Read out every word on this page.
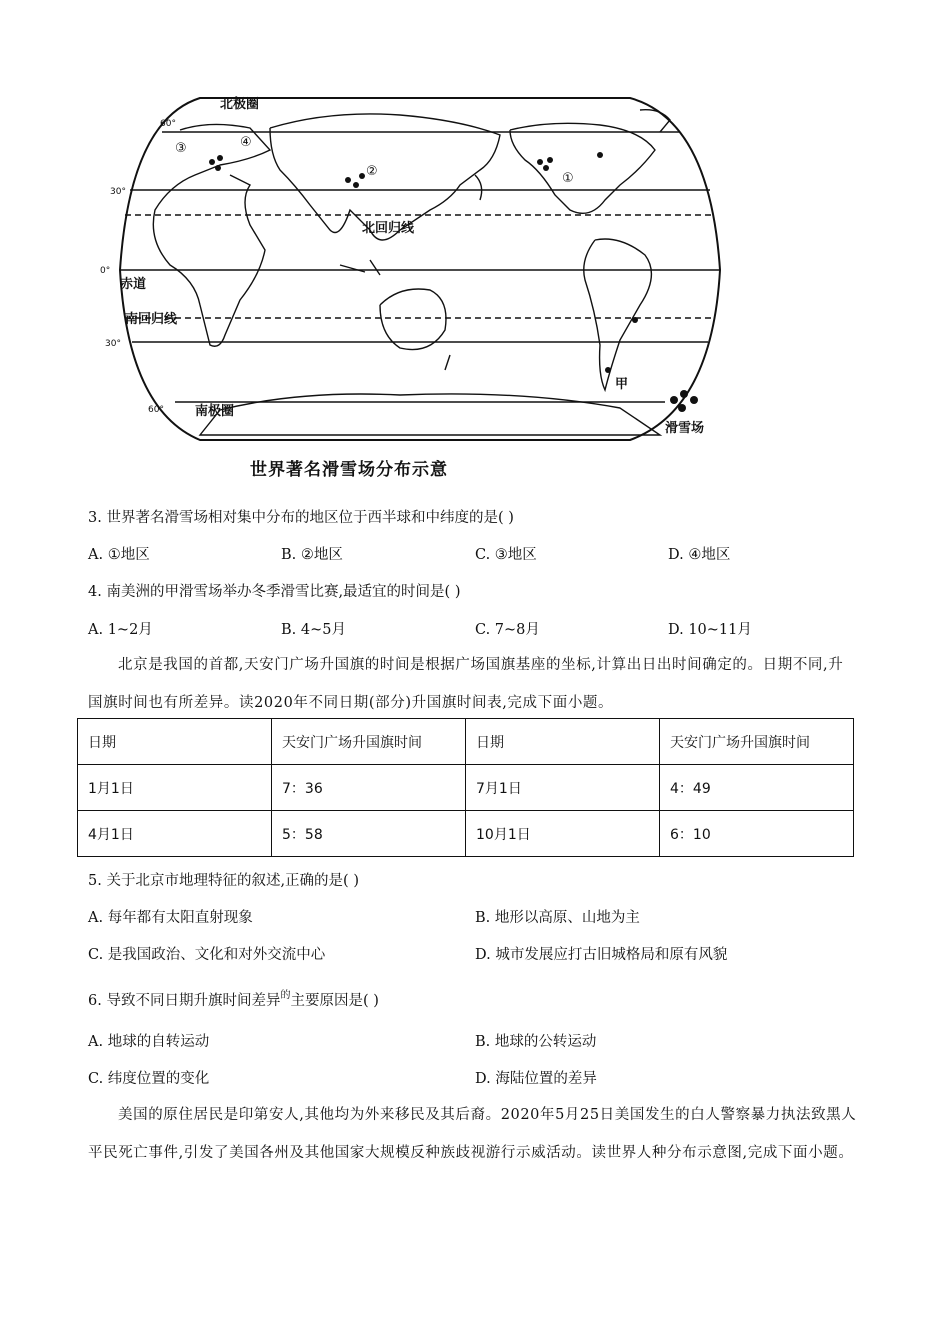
北极圈
北回归线
赤道
南回归线
南极圈
60°
30°
0°
30°
60°
①
②
③	④
甲
滑雪场
世界著名滑雪场分布示意
3. 世界著名滑雪场相对集中分布的地区位于西半球和中纬度的是( )
A. ①地区	B. ②地区	C. ③地区	D. ④地区
4. 南美洲的甲滑雪场举办冬季滑雪比赛,最适宜的时间是( )
A. 1~2月	B. 4~5月	C. 7~8月	D. 10~11月
北京是我国的首都,天安门广场升国旗的时间是根据广场国旗基座的坐标,计算出日出时间确定的。日期不同,升国旗时间也有所差异。读2020年不同日期(部分)升国旗时间表,完成下面小题。
日期	天安门广场升国旗时间	日期	天安门广场升国旗时间
1月1日	7：36	7月1日	4：49
4月1日	5：58	10月1日	6：10
5. 关于北京市地理特征的叙述,正确的是( )
A. 每年都有太阳直射现象	B. 地形以高原、山地为主
C. 是我国政治、文化和对外交流中心	D. 城市发展应打古旧城格局和原有风貌
6. 导致不同日期升旗时间差异$^的$主要原因是( )
A. 地球的自转运动	B. 地球的公转运动
C. 纬度位置的变化	D. 海陆位置的差异
美国的原住居民是印第安人,其他均为外来移民及其后裔。2020年5月25日美国发生的白人警察暴力执法致黑人平民死亡事件,引发了美国各州及其他国家大规模反种族歧视游行示威活动。读世界人种分布示意图,完成下面小题。
